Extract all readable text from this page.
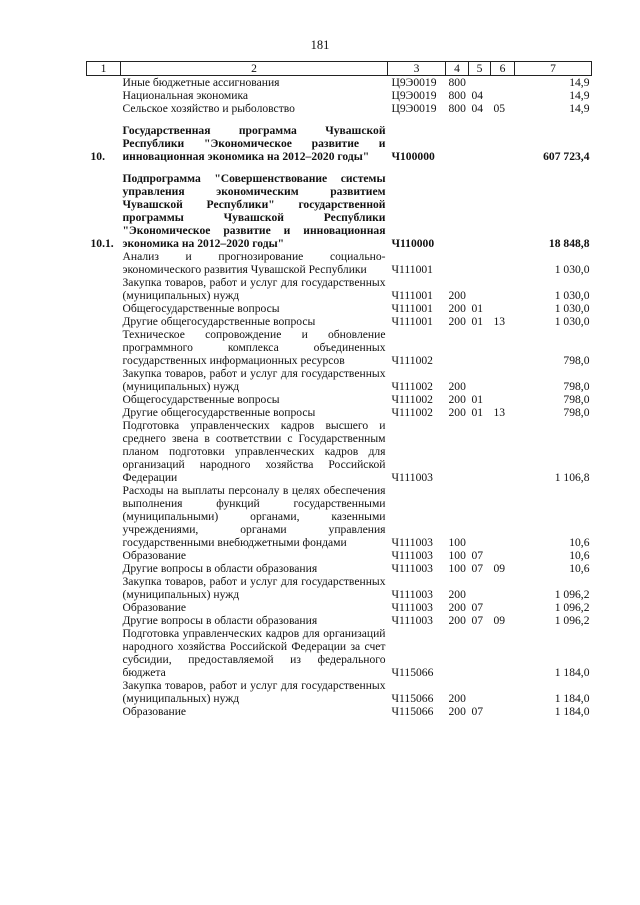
181
1	2	3	4	5	6	7
	Иные бюджетные ассигнования	Ц9Э0019	800			14,9
	Национальная экономика	Ц9Э0019	800	04		14,9
	Сельское хозяйство и рыболовство	Ц9Э0019	800	04	05	14,9

10.	Государственная программа Чувашской Республики "Экономическое развитие и инновационная экономика на 2012–2020 годы"	Ч100000				607 723,4

10.1.	Подпрограмма "Совершенствование системы управления экономическим развитием Чувашской Республики" государственной программы Чувашской Республики "Экономическое развитие и инновационная экономика на 2012–2020 годы"	Ч110000				18 848,8
	Анализ и прогнозирование социально-экономического развития Чувашской Республики	Ч111001				1 030,0
	Закупка товаров, работ и услуг для государственных (муниципальных) нужд	Ч111001	200			1 030,0
	Общегосударственные вопросы	Ч111001	200	01		1 030,0
	Другие общегосударственные вопросы	Ч111001	200	01	13	1 030,0
	Техническое сопровождение и обновление программного комплекса объединенных государственных информационных ресурсов	Ч111002				798,0
	Закупка товаров, работ и услуг для государственных (муниципальных) нужд	Ч111002	200			798,0
	Общегосударственные вопросы	Ч111002	200	01		798,0
	Другие общегосударственные вопросы	Ч111002	200	01	13	798,0
	Подготовка управленческих кадров высшего и среднего звена в соответствии с Государственным планом подготовки управленческих кадров для организаций народного хозяйства Российской Федерации	Ч111003				1 106,8
	Расходы на выплаты персоналу в целях обеспечения выполнения функций государственными (муниципальными) органами, казенными учреждениями, органами управления государственными внебюджетными фондами	Ч111003	100			10,6
	Образование	Ч111003	100	07		10,6
	Другие вопросы в области образования	Ч111003	100	07	09	10,6
	Закупка товаров, работ и услуг для государственных (муниципальных) нужд	Ч111003	200			1 096,2
	Образование	Ч111003	200	07		1 096,2
	Другие вопросы в области образования	Ч111003	200	07	09	1 096,2
	Подготовка управленческих кадров для организаций народного хозяйства Российской Федерации за счет субсидии, предоставляемой из федерального бюджета	Ч115066				1 184,0
	Закупка товаров, работ и услуг для государственных (муниципальных) нужд	Ч115066	200			1 184,0
	Образование	Ч115066	200	07		1 184,0
